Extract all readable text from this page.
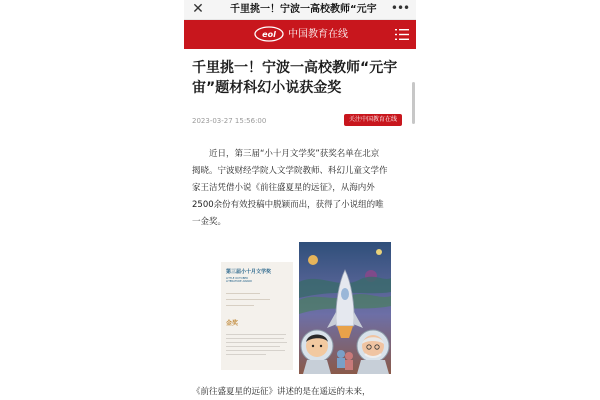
✕	千里挑一！宁波一高校教师“元宇 •••
eol 中国教育在线
千里挑一！宁波一高校教师“元宇宙”题材科幻小说获金奖
2023-03-27 15:56:00	关注中国教育在线
近日，第三届“小十月文学奖”获奖名单在北京
揭晓。宁波财经学院人文学院教师、科幻儿童文学作
家王洁凭借小说《前往盛夏星的远征》，从海内外
2500余份有效投稿中脱颖而出，获得了小说组的唯
一金奖。
第三届小十月文学奖
LITTLE OCTOBER
LITERATURE AWARD
金奖
《前往盛夏星的远征》讲述的是在遥远的未来，
